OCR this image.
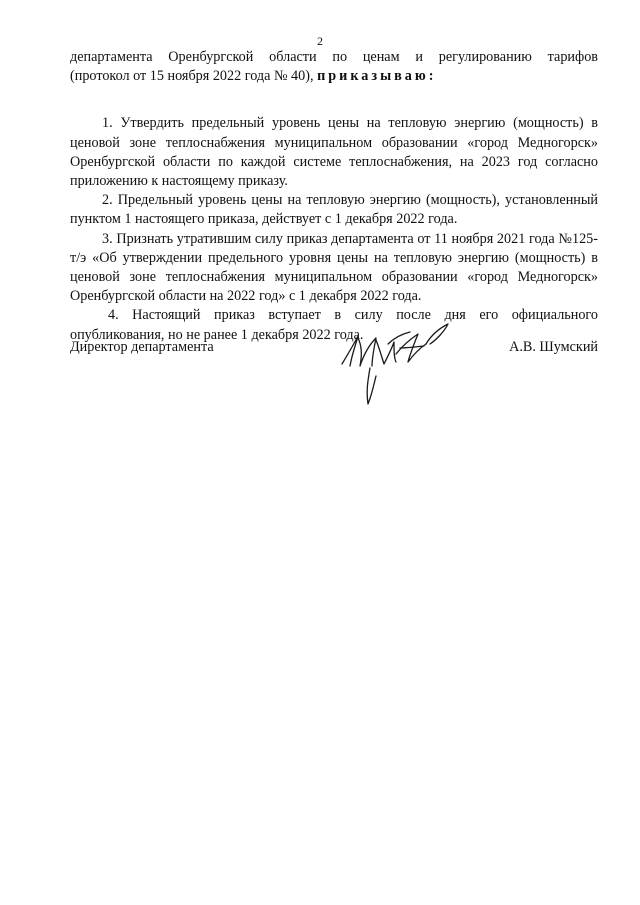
2

департамента Оренбургской области по ценам и регулированию тарифов

(протокол от 15 ноября 2022 года № 40), приказываю:

1. Утвердить предельный уровень цены на тепловую энергию (мощность) в ценовой зоне теплоснабжения муниципальном образовании «город Медногорск» Оренбургской области по каждой системе теплоснабжения, на 2023 год согласно приложению к настоящему приказу.

2. Предельный уровень цены на тепловую энергию (мощность), установленный пунктом 1 настоящего приказа, действует с 1 декабря 2022 года.

3. Признать утратившим силу приказ департамента от 11 ноября 2021 года №125-т/э «Об утверждении предельного уровня цены на тепловую энергию (мощность) в ценовой зоне теплоснабжения муниципальном образовании «город Медногорск» Оренбургской области на 2022 год» с 1 декабря 2022 года.

4. Настоящий приказ вступает в силу после дня его официального опубликования, но не ранее 1 декабря 2022 года.

Директор департамента	А.В. Шумский
